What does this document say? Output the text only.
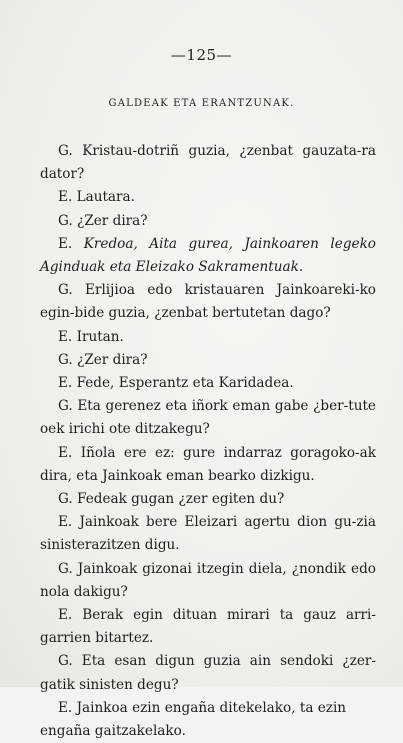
—125—
GALDEAK ETA ERANTZUNAK.

G. Kristau-dotriñ guzia, ¿zenbat gauzata-ra dator?

E. Lautara.

G. ¿Zer dira?

E. Kredoa, Aita gurea, Jainkoaren legeko Aginduak eta Eleizako Sakramentuak.

G. Erlijioa edo kristauaren Jainkoareki-ko egin-bide guzia, ¿zenbat bertutetan dago?

E. Irutan.

G. ¿Zer dira?

E. Fede, Esperantz eta Karidadea.

G. Eta gerenez eta iñork eman gabe ¿ber-tute oek irichi ote ditzakegu?

E. Iñola ere ez: gure indarraz goragoko-ak dira, eta Jainkoak eman bearko dizkigu.

G. Fedeak gugan ¿zer egiten du?

E. Jainkoak bere Eleizari agertu dion gu-zia sinisterazitzen digu.

G. Jainkoak gizonai itzegin diela, ¿nondik edo nola dakigu?

E. Berak egin dituan mirari ta gauz arri-garrien bitartez.

G. Eta esan digun guzia ain sendoki ¿zer-gatik sinisten degu?

E. Jainkoa ezin engaña ditekelako, ta ezin engaña gaitzakelako.
